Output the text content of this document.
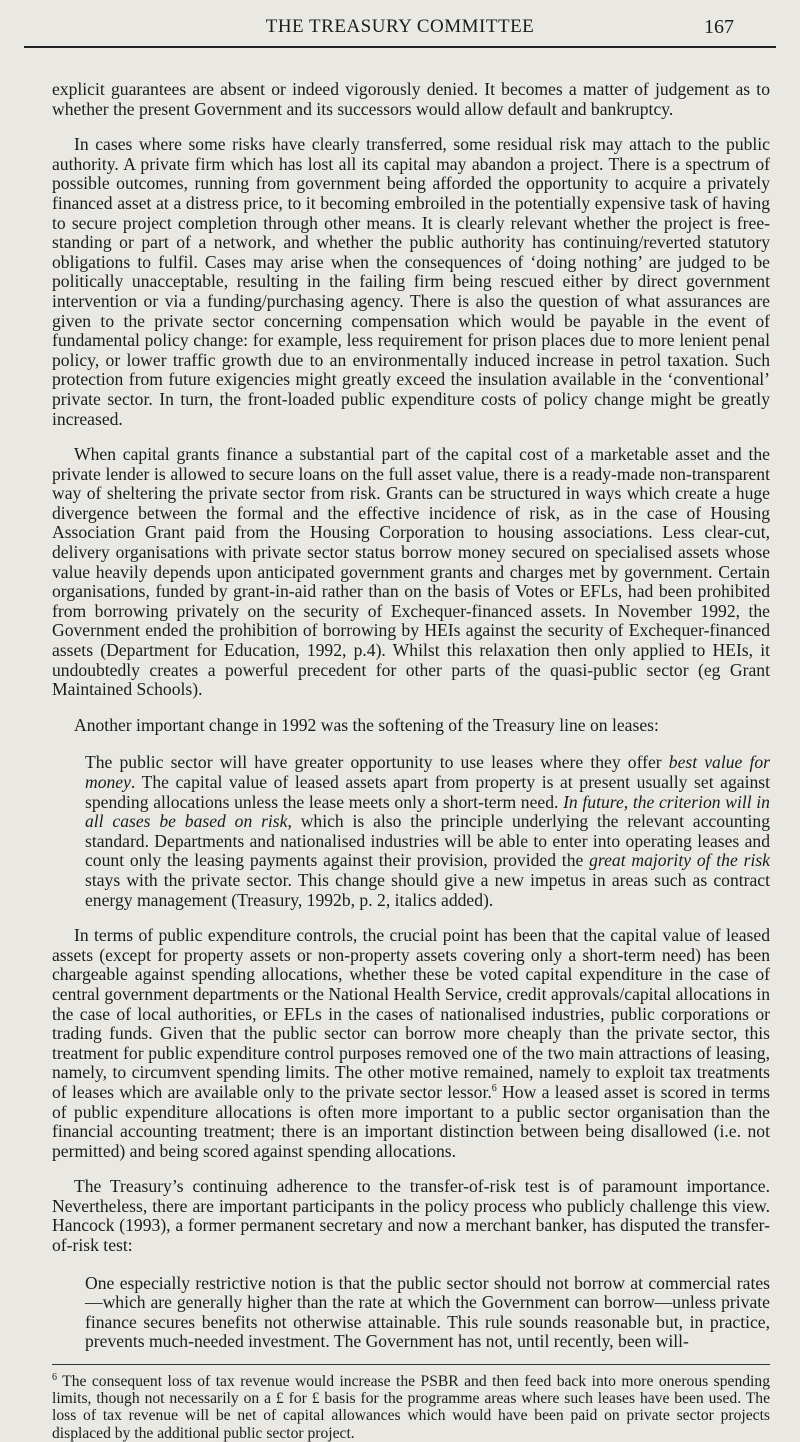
THE TREASURY COMMITTEE	167

explicit guarantees are absent or indeed vigorously denied. It becomes a matter of judgement as to whether the present Government and its successors would allow default and bankruptcy.

In cases where some risks have clearly transferred, some residual risk may attach to the public authority. A private firm which has lost all its capital may abandon a project. There is a spectrum of possible outcomes, running from government being afforded the opportunity to acquire a privately financed asset at a distress price, to it becoming embroiled in the potentially expensive task of having to secure project completion through other means. It is clearly relevant whether the project is free-standing or part of a network, and whether the public authority has continuing/reverted statutory obligations to fulfil. Cases may arise when the consequences of ‘doing nothing’ are judged to be politically unacceptable, resulting in the failing firm being rescued either by direct government intervention or via a funding/purchasing agency. There is also the question of what assurances are given to the private sector concerning compensation which would be payable in the event of fundamental policy change: for example, less requirement for prison places due to more lenient penal policy, or lower traffic growth due to an environmentally induced increase in petrol taxation. Such protection from future exigencies might greatly exceed the insulation available in the ‘conventional’ private sector. In turn, the front-loaded public expenditure costs of policy change might be greatly increased.

When capital grants finance a substantial part of the capital cost of a marketable asset and the private lender is allowed to secure loans on the full asset value, there is a ready-made non-transparent way of sheltering the private sector from risk. Grants can be structured in ways which create a huge divergence between the formal and the effective incidence of risk, as in the case of Housing Association Grant paid from the Housing Corporation to housing associations. Less clear-cut, delivery organisations with private sector status borrow money secured on specialised assets whose value heavily depends upon anticipated government grants and charges met by government. Certain organisations, funded by grant-in-aid rather than on the basis of Votes or EFLs, had been prohibited from borrowing privately on the security of Exchequer-financed assets. In November 1992, the Government ended the prohibition of borrowing by HEIs against the security of Exchequer-financed assets (Department for Education, 1992, p.4). Whilst this relaxation then only applied to HEIs, it undoubtedly creates a powerful precedent for other parts of the quasi-public sector (eg Grant Maintained Schools).

Another important change in 1992 was the softening of the Treasury line on leases:

The public sector will have greater opportunity to use leases where they offer best value for money. The capital value of leased assets apart from property is at present usually set against spending allocations unless the lease meets only a short-term need. In future, the criterion will in all cases be based on risk, which is also the principle underlying the relevant accounting standard. Departments and nationalised industries will be able to enter into operating leases and count only the leasing payments against their provision, provided the great majority of the risk stays with the private sector. This change should give a new impetus in areas such as contract energy management (Treasury, 1992b, p. 2, italics added).

In terms of public expenditure controls, the crucial point has been that the capital value of leased assets (except for property assets or non-property assets covering only a short-term need) has been chargeable against spending allocations, whether these be voted capital expenditure in the case of central government departments or the National Health Service, credit approvals/capital allocations in the case of local authorities, or EFLs in the cases of nationalised industries, public corporations or trading funds. Given that the public sector can borrow more cheaply than the private sector, this treatment for public expenditure control purposes removed one of the two main attractions of leasing, namely, to circumvent spending limits. The other motive remained, namely to exploit tax treatments of leases which are available only to the private sector lessor.$^6$ How a leased asset is scored in terms of public expenditure allocations is often more important to a public sector organisation than the financial accounting treatment; there is an important distinction between being disallowed (i.e. not permitted) and being scored against spending allocations.

The Treasury’s continuing adherence to the transfer-of-risk test is of paramount importance. Nevertheless, there are important participants in the policy process who publicly challenge this view. Hancock (1993), a former permanent secretary and now a merchant banker, has disputed the transfer-of-risk test:

One especially restrictive notion is that the public sector should not borrow at commercial rates—which are generally higher than the rate at which the Government can borrow—unless private finance secures benefits not otherwise attainable. This rule sounds reasonable but, in practice, prevents much-needed investment. The Government has not, until recently, been will-

$^6$ The consequent loss of tax revenue would increase the PSBR and then feed back into more onerous spending limits, though not necessarily on a £ for £ basis for the programme areas where such leases have been used. The loss of tax revenue will be net of capital allowances which would have been paid on private sector projects displaced by the additional public sector project.
